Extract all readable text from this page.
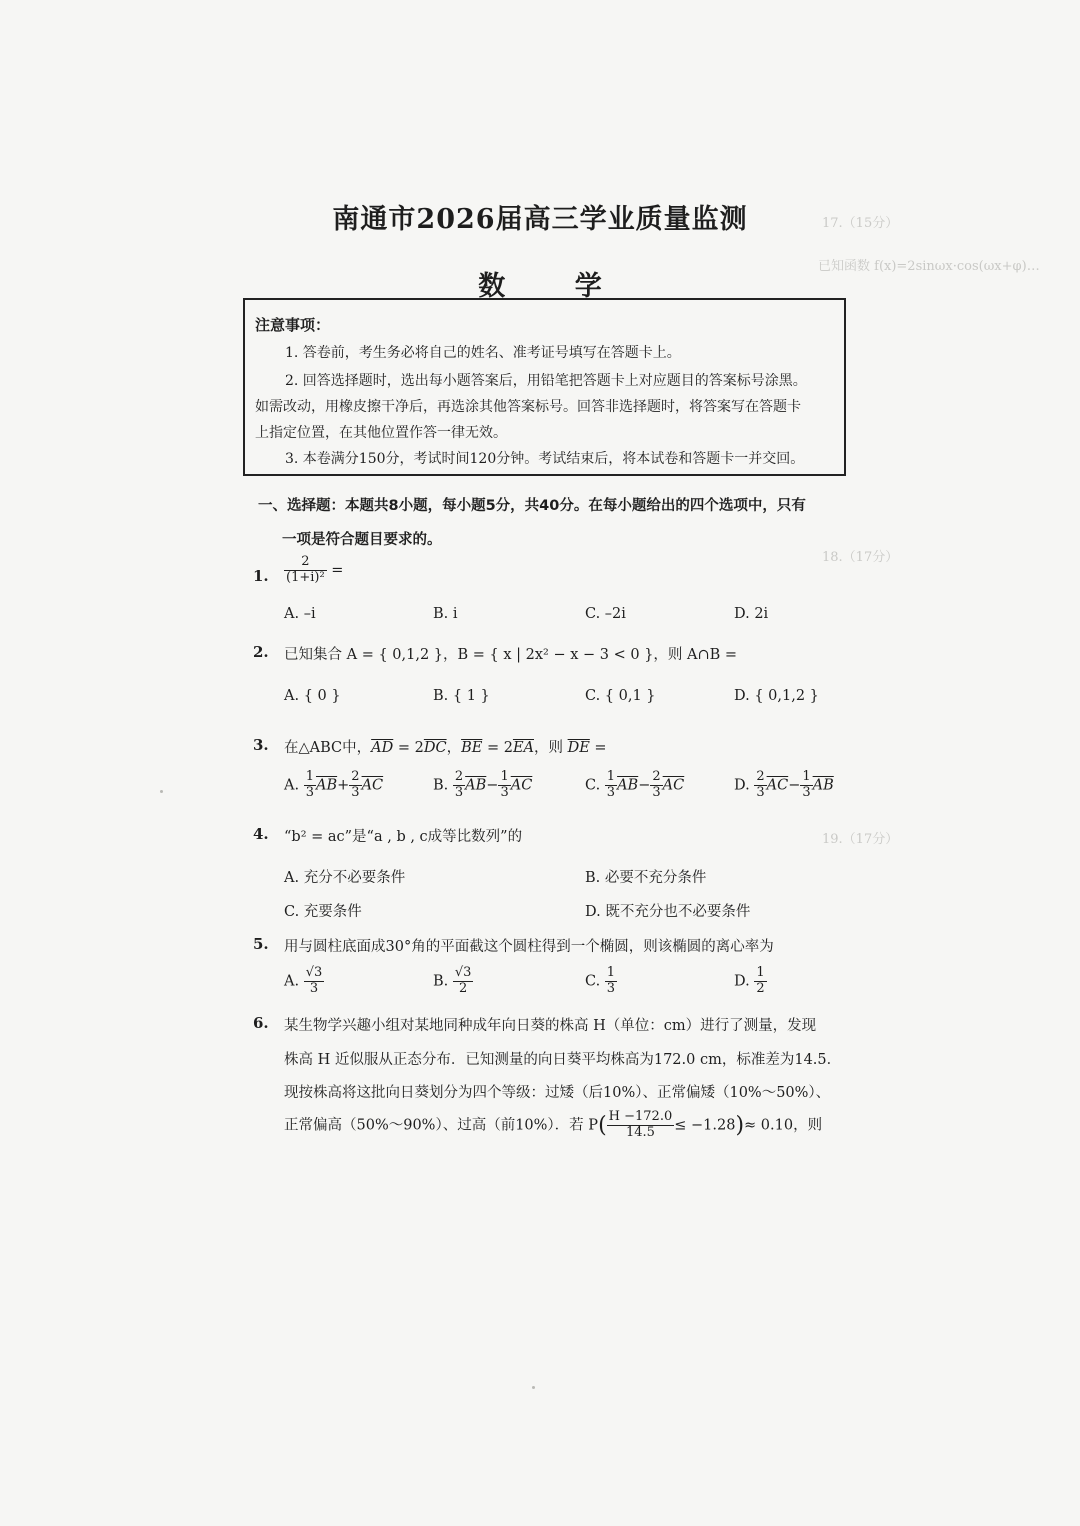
17.（15分）
已知函数 f(x)=2sinωx·cos(ωx+φ)…
18.（17分）
19.（17分）
南通市2026届高三学业质量监测
数 学
注意事项：
1. 答卷前，考生务必将自己的姓名、准考证号填写在答题卡上。
2. 回答选择题时，选出每小题答案后，用铅笔把答题卡上对应题目的答案标号涂黑。
如需改动，用橡皮擦干净后，再选涂其他答案标号。回答非选择题时，将答案写在答题卡
上指定位置，在其他位置作答一律无效。
3. 本卷满分150分，考试时间120分钟。考试结束后，将本试卷和答题卡一并交回。
一、选择题：本题共8小题，每小题5分，共40分。在每小题给出的四个选项中，只有
一项是符合题目要求的。
1. $\frac{2}{\text{(1+i)²}}$ =
A. –i	B. i	C. –2i	D. 2i
2. 已知集合 A = { 0,1,2 }，B = { x | 2x² − x − 3 < 0 }，则 A∩B =
A. { 0 }	B. { 1 }	C. { 0,1 }	D. { 0,1,2 }
3. 在△ABC中，$\overline{AD} = 2\overline{DC}$，$\overline{BE} = 2\overline{EA}$，则 $\overline{DE}$ =
A. $\frac{1}{3} \overline{AB}+ \frac{2}{3} \overline{AC}$	B. $\frac{2}{3} \overline{AB}- \frac{1}{3} \overline{AC}$	C. $\frac{1}{3} \overline{AB}- \frac{2}{3} \overline{AC}$	D. $\frac{2}{3} \overline{AC}- \frac{1}{3} \overline{AB}$
4. “b² = ac”是“a , b , c成等比数列”的
A. 充分不必要条件	B. 必要不充分条件
C. 充要条件	D. 既不充分也不必要条件
5. 用与圆柱底面成30°角的平面截这个圆柱得到一个椭圆，则该椭圆的离心率为
A. $\frac{√3}{3}$	B. $\frac{√3}{2}$	C. $\frac{1}{3}$	D. $\frac{1}{2}$
6. 某生物学兴趣小组对某地同种成年向日葵的株高 H（单位：cm）进行了测量，发现
株高 H 近似服从正态分布．已知测量的向日葵平均株高为172.0 cm，标准差为14.5．
现按株高将这批向日葵划分为四个等级：过矮（后10%）、正常偏矮（10%～50%）、
正常偏高（50%～90%）、过高（前10%）．若 $P( \frac{H -172.0}{14.5} \le -1.28)\approx 0.10$，则
